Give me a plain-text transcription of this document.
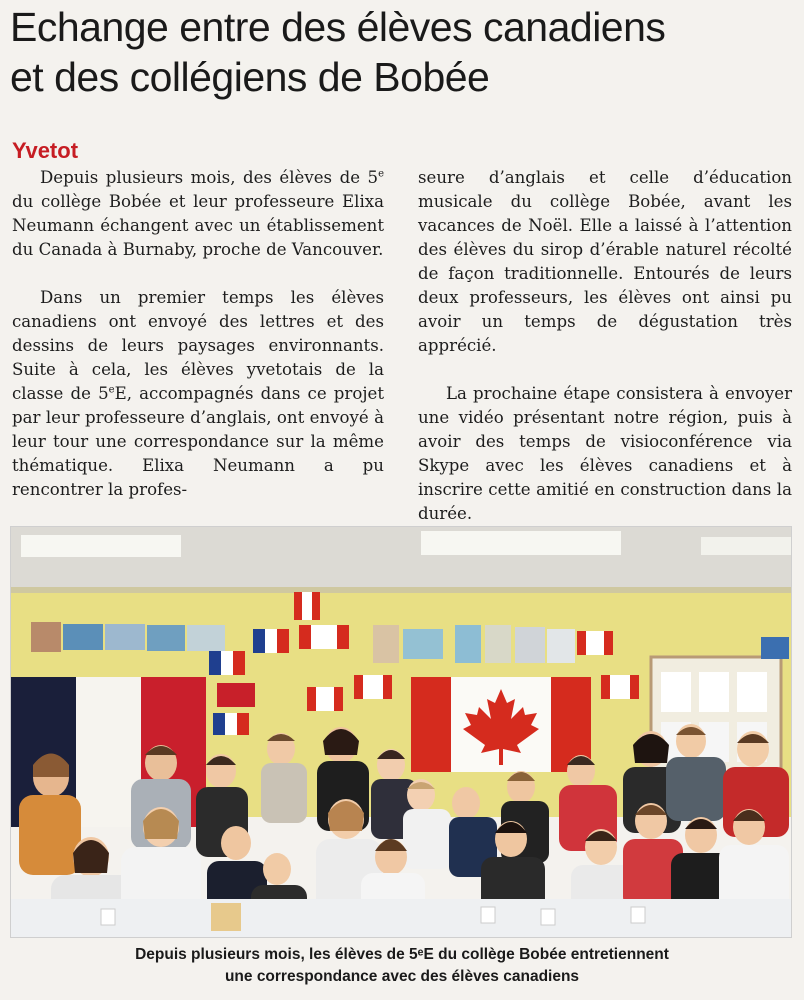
Echange entre des élèves canadiens
et des collégiens de Bobée
Yvetot

Depuis plusieurs mois, des élèves de 5e du collège Bobée et leur professeure Elixa Neumann échangent avec un établissement du Canada à Burnaby, proche de Vancouver.

Dans un premier temps les élèves canadiens ont envoyé des lettres et des dessins de leurs paysages environnants. Suite à cela, les élèves yvetotais de la classe de 5eE, accompagnés dans ce projet par leur professeure d’anglais, ont envoyé à leur tour une correspondance sur la même thématique. Elixa Neumann a pu rencontrer la profes-

seure d’anglais et celle d’éducation musicale du collège Bobée, avant les vacances de Noël. Elle a laissé à l’attention des élèves du sirop d’érable naturel récolté de façon traditionnelle. Entourés de leurs deux professeurs, les élèves ont ainsi pu avoir un temps de dégustation très apprécié.

La prochaine étape consistera à envoyer une vidéo présentant notre région, puis à avoir des temps de visioconférence via Skype avec les élèves canadiens et à inscrire cette amitié en construction dans la durée.

Depuis plusieurs mois, les élèves de 5ᵉE du collège Bobée entretiennent
une correspondance avec des élèves canadiens
